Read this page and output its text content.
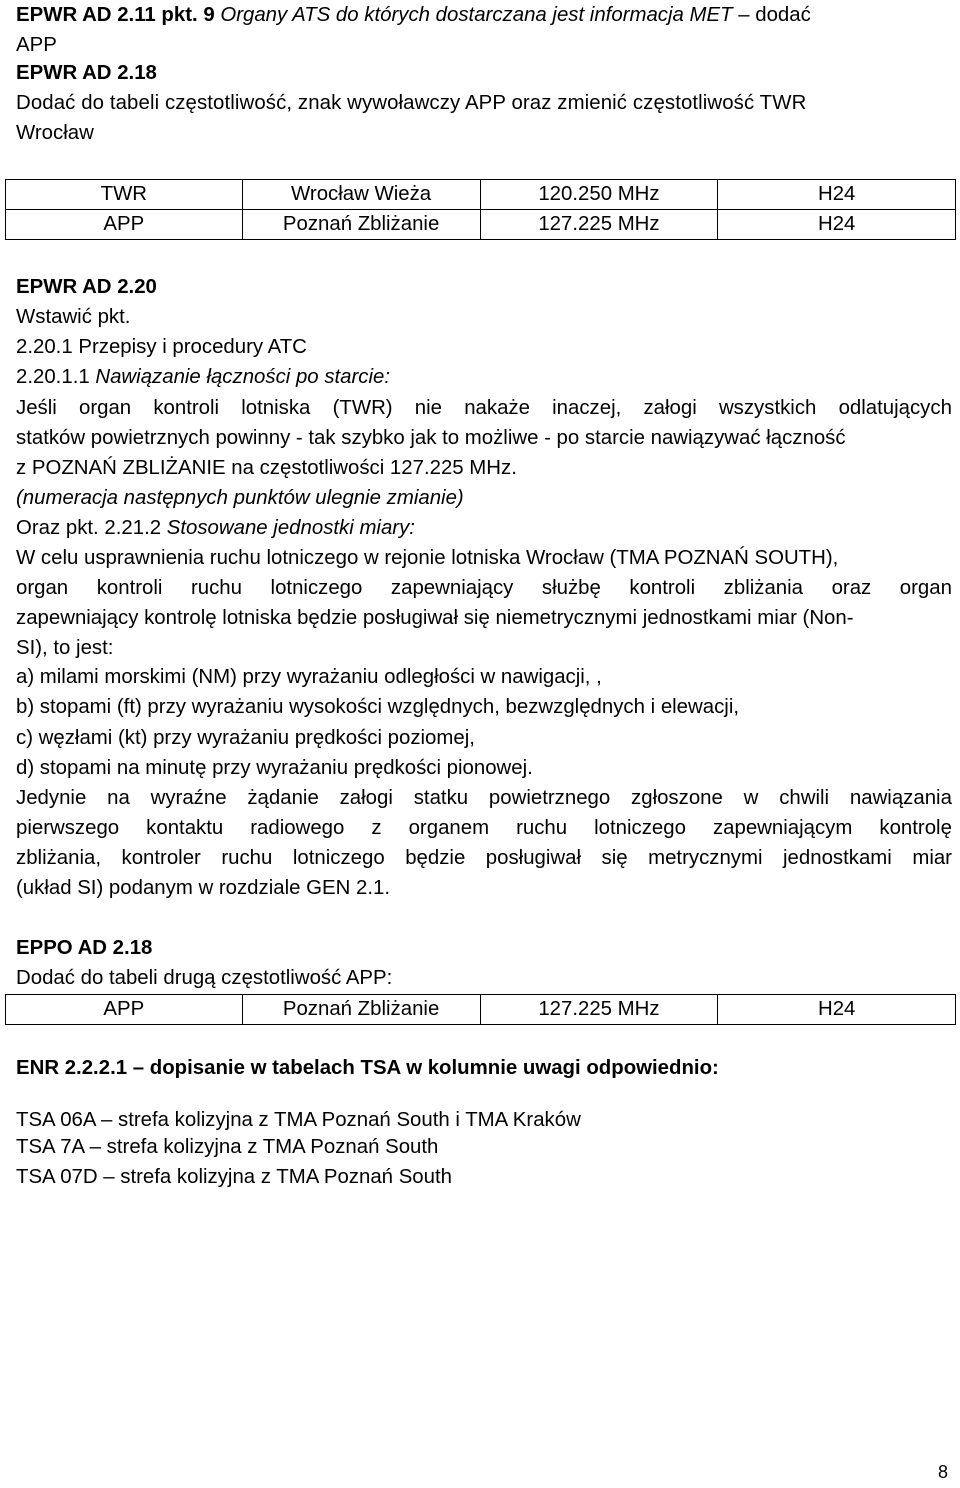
EPWR AD 2.11 pkt. 9 Organy ATS do których dostarczana jest informacja MET – dodać
APP
EPWR AD 2.18
Dodać do tabeli częstotliwość, znak wywoławczy APP oraz zmienić częstotliwość TWR
Wrocław
TWR	Wrocław Wieża	120.250 MHz	H24
APP	Poznań Zbliżanie	127.225 MHz	H24
EPWR AD 2.20
Wstawić pkt.
2.20.1 Przepisy i procedury ATC
2.20.1.1 Nawiązanie łączności po starcie:
Jeśli organ kontroli lotniska (TWR) nie nakaże inaczej, załogi wszystkich odlatujących
statków powietrznych powinny - tak szybko jak to możliwe - po starcie nawiązywać łączność
z POZNAŃ ZBLIŻANIE na częstotliwości 127.225 MHz.
(numeracja następnych punktów ulegnie zmianie)
Oraz pkt. 2.21.2 Stosowane jednostki miary:
W celu usprawnienia ruchu lotniczego w rejonie lotniska Wrocław (TMA POZNAŃ SOUTH),
organ kontroli ruchu lotniczego zapewniający służbę kontroli zbliżania oraz organ
zapewniający kontrolę lotniska będzie posługiwał się niemetrycznymi jednostkami miar (Non-
SI), to jest:
a) milami morskimi (NM) przy wyrażaniu odległości w nawigacji, ,
b) stopami (ft) przy wyrażaniu wysokości względnych, bezwzględnych i elewacji,
c) węzłami (kt) przy wyrażaniu prędkości poziomej,
d) stopami na minutę przy wyrażaniu prędkości pionowej.
Jedynie na wyraźne żądanie załogi statku powietrznego zgłoszone w chwili nawiązania
pierwszego kontaktu radiowego z organem ruchu lotniczego zapewniającym kontrolę
zbliżania, kontroler ruchu lotniczego będzie posługiwał się metrycznymi jednostkami miar
(układ SI) podanym w rozdziale GEN 2.1.
EPPO AD 2.18
Dodać do tabeli drugą częstotliwość APP:
APP	Poznań Zbliżanie	127.225 MHz	H24
ENR 2.2.2.1 – dopisanie w tabelach TSA w kolumnie uwagi odpowiednio:
TSA 06A – strefa kolizyjna z TMA Poznań South i TMA Kraków
TSA 7A – strefa kolizyjna z TMA Poznań South
TSA 07D – strefa kolizyjna z TMA Poznań South
8
